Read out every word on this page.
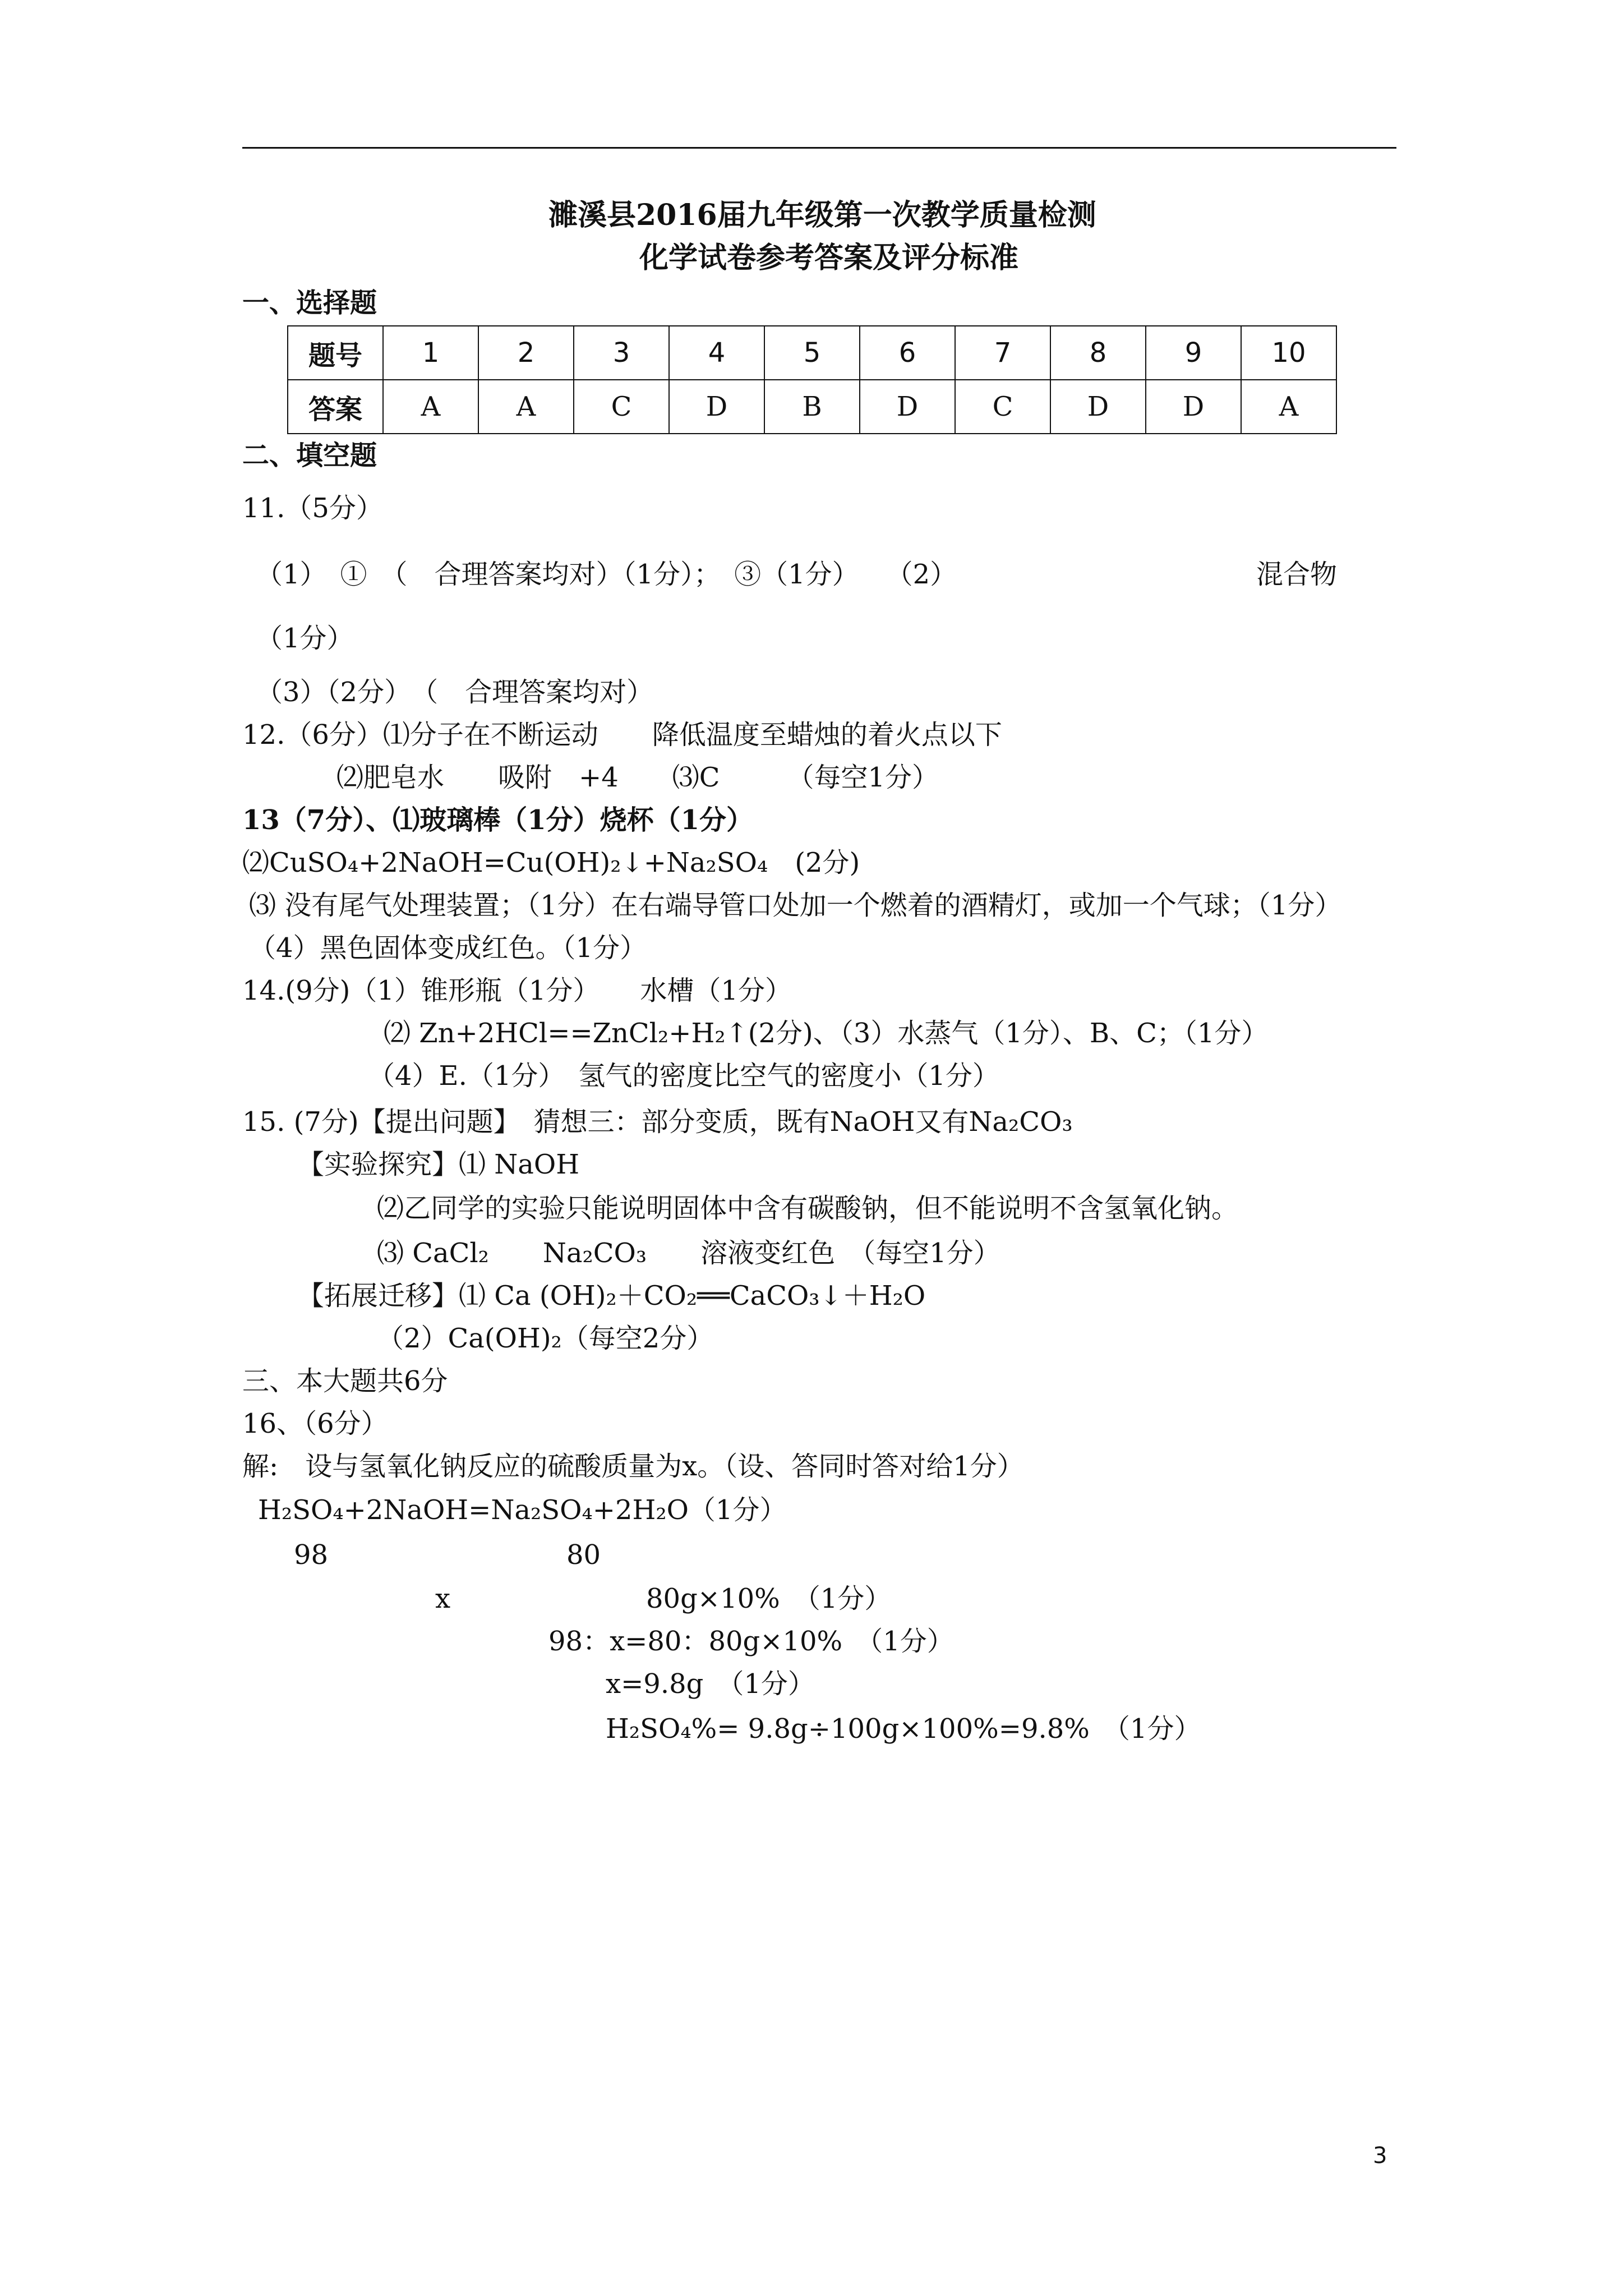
濉溪县2016届九年级第一次教学质量检测
化学试卷参考答案及评分标准
一、选择题
题号	1	2	3	4	5	6	7	8	9	10
答案	A	A	C	D	B	D	C	D	D	A
二、填空题
11.（5分）
（1）　①　（　合理答案均对）（1分）；　③（1分）　　（2）	混合物
（1分）
（3）（2分）　（　合理答案均对）
12.（6分）⑴分子在不断运动　　降低温度至蜡烛的着火点以下
⑵肥皂水　　吸附　+4　　⑶C　　　（每空1分）
13（7分）、⑴玻璃棒（1分）烧杯（1分）
⑵CuSO₄+2NaOH=Cu(OH)₂↓+Na₂SO₄　(2分)
⑶ 没有尾气处理装置；（1分）在右端导管口处加一个燃着的酒精灯，或加一个气球；（1分）
（4）黑色固体变成红色。（1分）
14.(9分)（1）锥形瓶（1分）　　水槽（1分）
⑵ Zn+2HCl==ZnCl₂+H₂↑(2分)、（3）水蒸气（1分）、B、C；（1分）
（4）E.（1分）　氢气的密度比空气的密度小（1分）
15. (7分)【提出问题】　猜想三：部分变质，既有NaOH又有Na₂CO₃
【实验探究】⑴ NaOH
⑵乙同学的实验只能说明固体中含有碳酸钠，但不能说明不含氢氧化钠。
⑶ CaCl₂　　Na₂CO₃　　溶液变红色　（每空1分）
【拓展迁移】⑴ Ca (OH)₂＋CO₂══CaCO₃↓＋H₂O
（2）Ca(OH)₂（每空2分）
三、本大题共6分
16、（6分）
解:　设与氢氧化钠反应的硫酸质量为x。（设、答同时答对给1分）
H₂SO₄+2NaOH=Na₂SO₄+2H₂O（1分）
98	80
x	80g×10%　（1分）
98：x=80：80g×10%　（1分）
x=9.8g　（1分）
H₂SO₄%= 9.8g÷100g×100%=9.8%　（1分）
3
